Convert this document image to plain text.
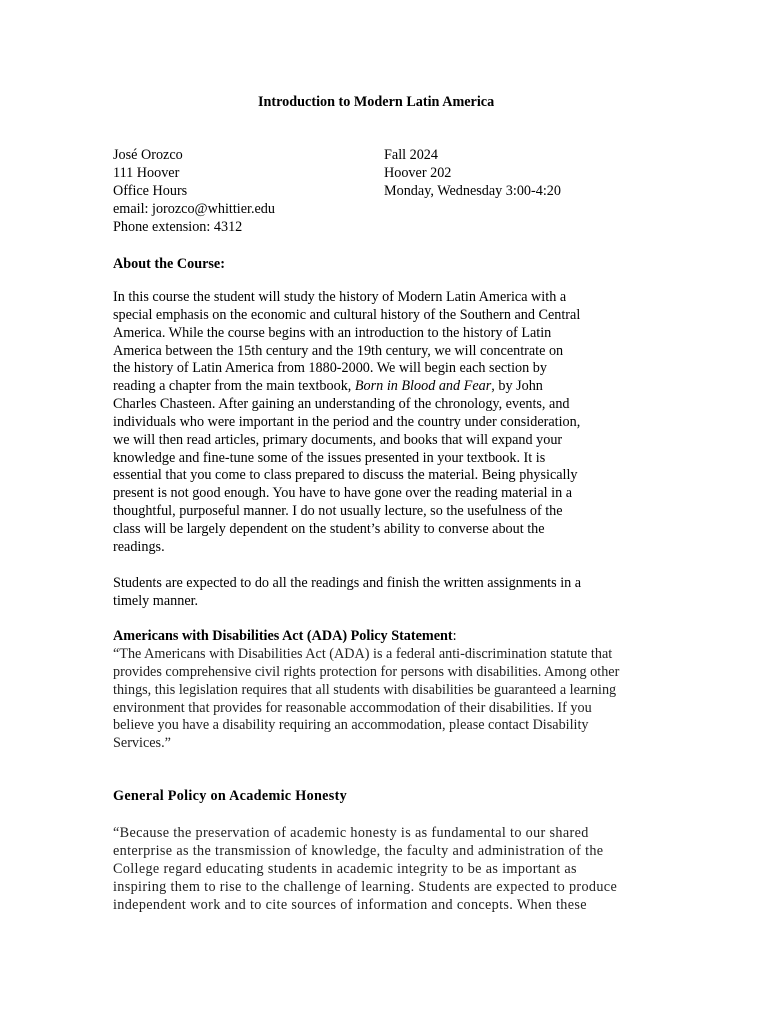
Introduction to Modern Latin America
José Orozco
111 Hoover
Office Hours
email: jorozco@whittier.edu
Phone extension: 4312
Fall 2024
Hoover 202
Monday, Wednesday 3:00-4:20
About the Course:
In this course the student will study the history of Modern Latin America with a
special emphasis on the economic and cultural history of the Southern and Central
America. While the course begins with an introduction to the history of Latin
America between the 15th century and the 19th century, we will concentrate on
the history of Latin America from 1880-2000. We will begin each section by
reading a chapter from the main textbook, Born in Blood and Fear, by John
Charles Chasteen. After gaining an understanding of the chronology, events, and
individuals who were important in the period and the country under consideration,
we will then read articles, primary documents, and books that will expand your
knowledge and fine-tune some of the issues presented in your textbook. It is
essential that you come to class prepared to discuss the material. Being physically
present is not good enough. You have to have gone over the reading material in a
thoughtful, purposeful manner. I do not usually lecture, so the usefulness of the
class will be largely dependent on the student’s ability to converse about the
readings.
Students are expected to do all the readings and finish the written assignments in a
timely manner.
Americans with Disabilities Act (ADA) Policy Statement:
“The Americans with Disabilities Act (ADA) is a federal anti-discrimination statute that
provides comprehensive civil rights protection for persons with disabilities. Among other
things, this legislation requires that all students with disabilities be guaranteed a learning
environment that provides for reasonable accommodation of their disabilities. If you
believe you have a disability requiring an accommodation, please contact Disability
Services.”
General Policy on Academic Honesty
“Because the preservation of academic honesty is as fundamental to our shared
enterprise as the transmission of knowledge, the faculty and administration of the
College regard educating students in academic integrity to be as important as
inspiring them to rise to the challenge of learning. Students are expected to produce
independent work and to cite sources of information and concepts. When these
